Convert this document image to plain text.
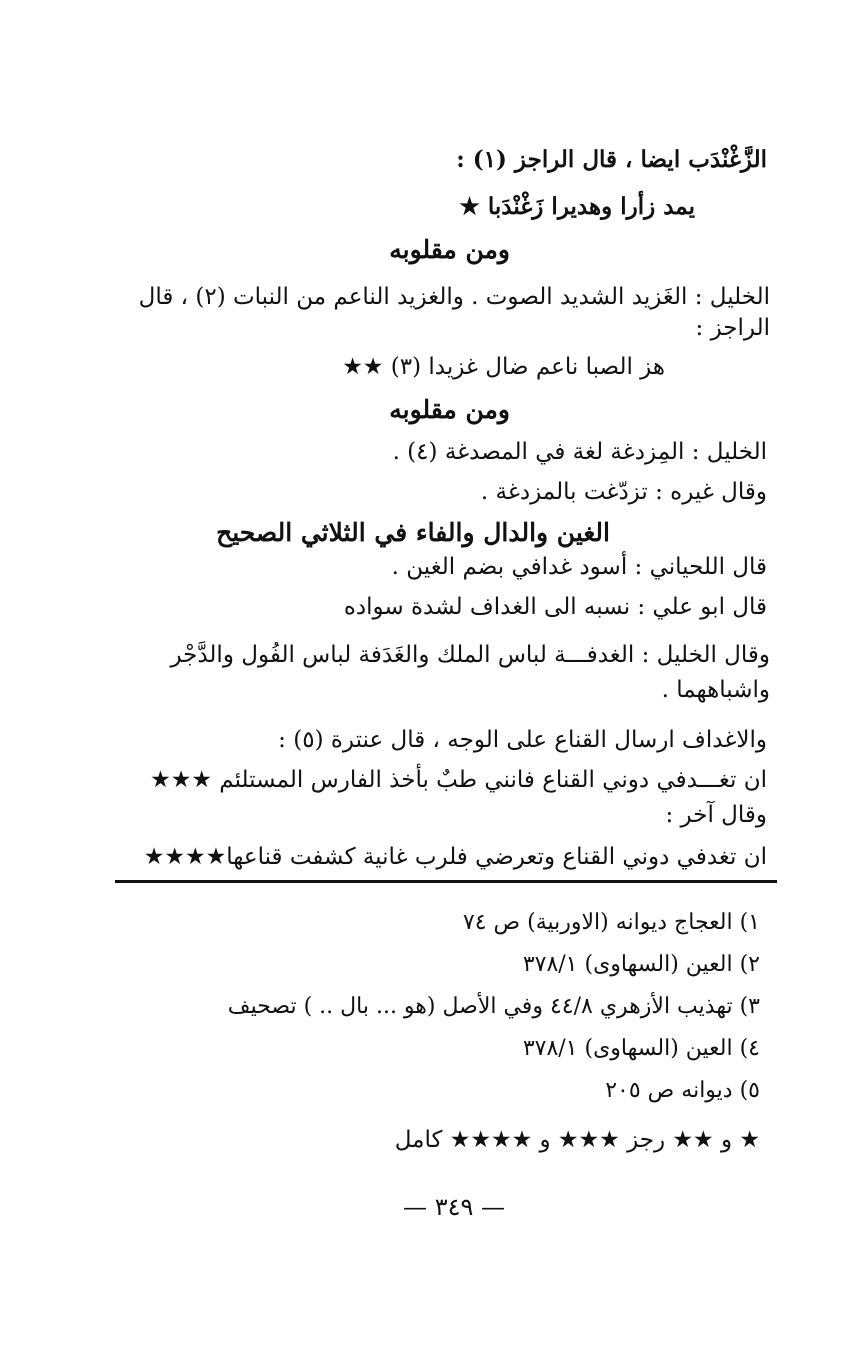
الزَّغْنْدَب ايضا ، قال الراجز (١) :
يمد زأرا وهديرا زَغْنْدَبا ★
ومن مقلوبه
الخليل : الغَزيد الشديد الصوت . والغزيد الناعم من النبات (٢) ، قال
الراجز :
هز الصبا ناعم ضال غزيدا (٣) ★★
ومن مقلوبه
الخليل : المِزدغة لغة في المصدغة (٤) .
وقال غيره : تزدّغت بالمزدغة .
الغين والدال والفاء في الثلاثي الصحيح
قال اللحياني : أسود غدافي بضم الغين .
قال ابو علي : نسبه الى الغداف لشدة سواده
وقال الخليل : الغدفـــة لباس الملك والغَدَفة لباس الفُول والدَّجْر
واشباههما .
والاغداف ارسال القناع على الوجه ، قال عنترة (٥) :
ان تغـــدفي دوني القناع فانني طبٌ بأخذ الفارس المستلئم ★★★
وقال آخر :
ان تغدفي دوني القناع وتعرضي فلرب غانية كشفت قناعها★★★★
١) العجاج ديوانه (الاوربية) ص ٧٤
٢) العين (السهاوى) ٣٧٨/١
٣) تهذيب الأزهري ٤٤/٨ وفي الأصل (هو ... بال .. ) تصحيف
٤) العين (السهاوى) ٣٧٨/١
٥) ديوانه ص ٢٠٥
★ و ★★ رجز ★★★ و ★★★★ كامل
— ٣٤٩ —
